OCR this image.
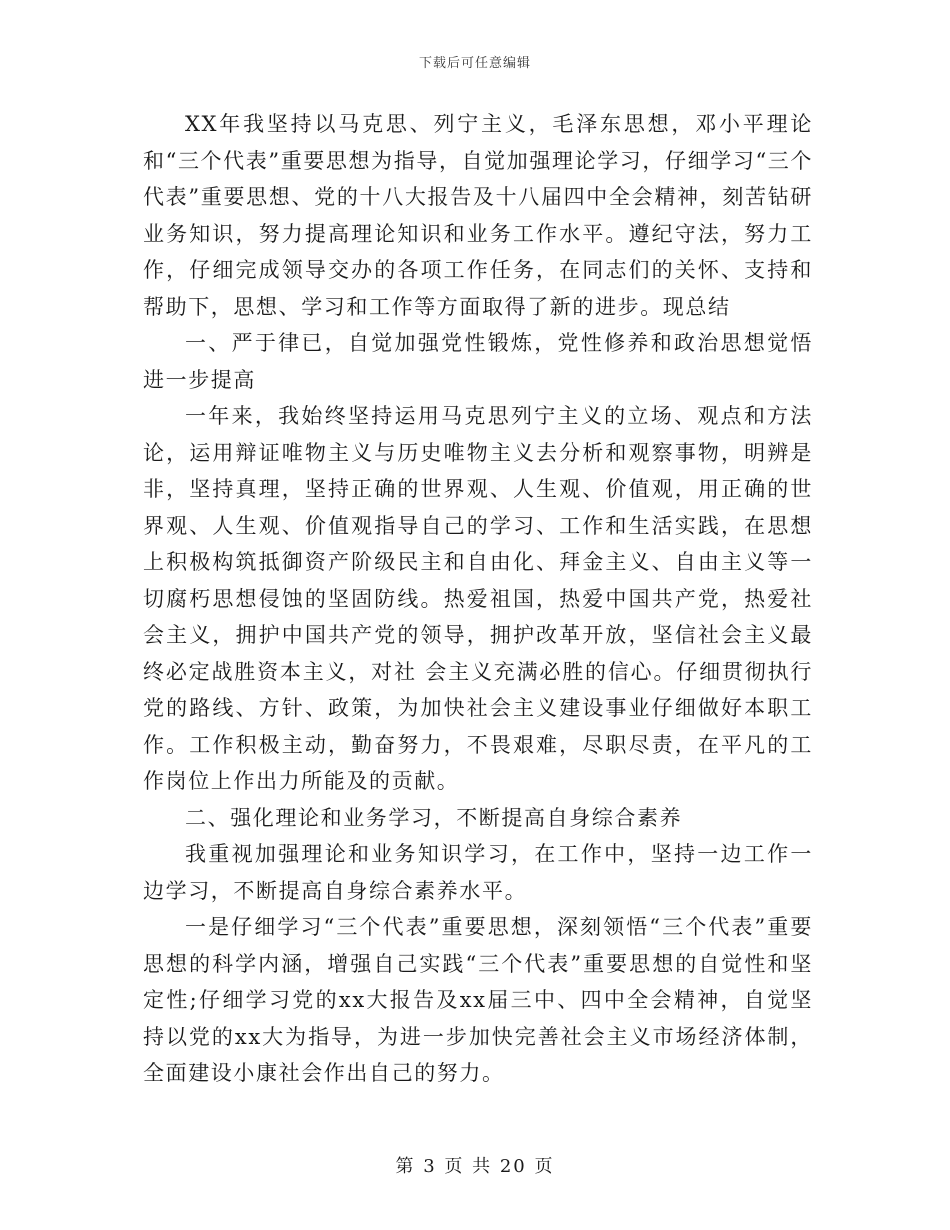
下载后可任意编辑

XX年我坚持以马克思、列宁主义，毛泽东思想，邓小平理论和“三个代表”重要思想为指导，自觉加强理论学习，仔细学习“三个代表”重要思想、党的十八大报告及十八届四中全会精神，刻苦钻研业务知识，努力提高理论知识和业务工作水平。遵纪守法，努力工作，仔细完成领导交办的各项工作任务，在同志们的关怀、支持和帮助下，思想、学习和工作等方面取得了新的进步。现总结

一、严于律已，自觉加强党性锻炼，党性修养和政治思想觉悟进一步提高

一年来，我始终坚持运用马克思列宁主义的立场、观点和方法论，运用辩证唯物主义与历史唯物主义去分析和观察事物，明辨是非，坚持真理，坚持正确的世界观、人生观、价值观，用正确的世界观、人生观、价值观指导自己的学习、工作和生活实践，在思想上积极构筑抵御资产阶级民主和自由化、拜金主义、自由主义等一切腐朽思想侵蚀的坚固防线。热爱祖国，热爱中国共产党，热爱社会主义，拥护中国共产党的领导，拥护改革开放，坚信社会主义最终必定战胜资本主义，对社 会主义充满必胜的信心。仔细贯彻执行党的路线、方针、政策，为加快社会主义建设事业仔细做好本职工作。工作积极主动，勤奋努力，不畏艰难，尽职尽责，在平凡的工作岗位上作出力所能及的贡献。

二、强化理论和业务学习，不断提高自身综合素养

我重视加强理论和业务知识学习，在工作中，坚持一边工作一边学习，不断提高自身综合素养水平。

一是仔细学习“三个代表”重要思想，深刻领悟“三个代表”重要思想的科学内涵，增强自己实践“三个代表”重要思想的自觉性和坚定性;仔细学习党的xx大报告及xx届三中、四中全会精神，自觉坚持以党的xx大为指导，为进一步加快完善社会主义市场经济体制，全面建设小康社会作出自己的努力。

第 3 页 共 20 页
